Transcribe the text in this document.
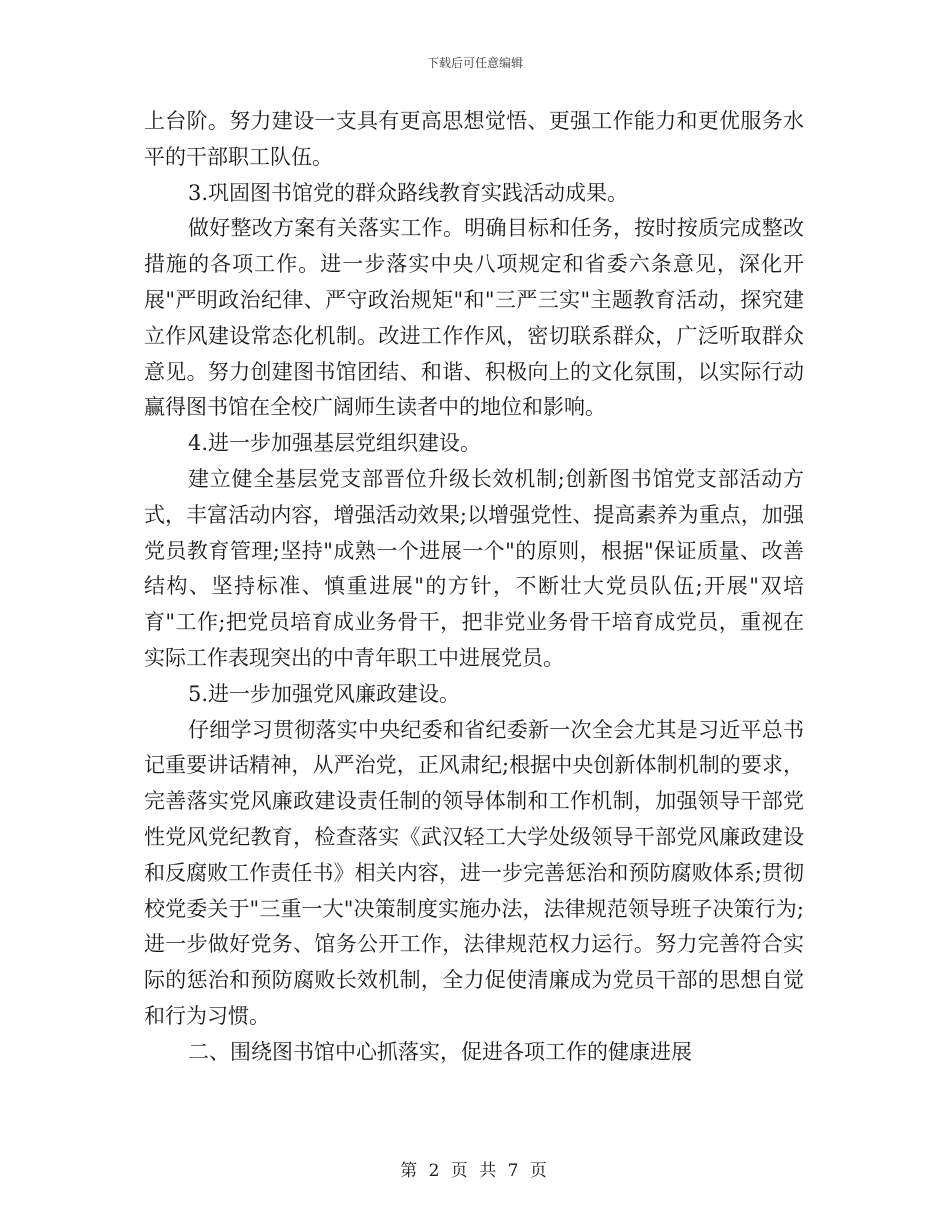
下载后可任意编辑

上台阶。努力建设一支具有更高思想觉悟、更强工作能力和更优服务水平的干部职工队伍。

3.巩固图书馆党的群众路线教育实践活动成果。

做好整改方案有关落实工作。明确目标和任务，按时按质完成整改措施的各项工作。进一步落实中央八项规定和省委六条意见，深化开展"严明政治纪律、严守政治规矩"和"三严三实"主题教育活动，探究建立作风建设常态化机制。改进工作作风，密切联系群众，广泛听取群众意见。努力创建图书馆团结、和谐、积极向上的文化氛围，以实际行动赢得图书馆在全校广阔师生读者中的地位和影响。

4.进一步加强基层党组织建设。

建立健全基层党支部晋位升级长效机制;创新图书馆党支部活动方式，丰富活动内容，增强活动效果;以增强党性、提高素养为重点，加强党员教育管理;坚持"成熟一个进展一个"的原则，根据"保证质量、改善结构、坚持标准、慎重进展"的方针，不断壮大党员队伍;开展"双培育"工作;把党员培育成业务骨干，把非党业务骨干培育成党员，重视在实际工作表现突出的中青年职工中进展党员。

5.进一步加强党风廉政建设。

仔细学习贯彻落实中央纪委和省纪委新一次全会尤其是习近平总书记重要讲话精神，从严治党，正风肃纪;根据中央创新体制机制的要求，完善落实党风廉政建设责任制的领导体制和工作机制，加强领导干部党性党风党纪教育，检查落实《武汉轻工大学处级领导干部党风廉政建设和反腐败工作责任书》相关内容，进一步完善惩治和预防腐败体系;贯彻校党委关于"三重一大"决策制度实施办法，法律规范领导班子决策行为;进一步做好党务、馆务公开工作，法律规范权力运行。努力完善符合实际的惩治和预防腐败长效机制，全力促使清廉成为党员干部的思想自觉和行为习惯。

二、围绕图书馆中心抓落实，促进各项工作的健康进展

第 2 页 共 7 页
